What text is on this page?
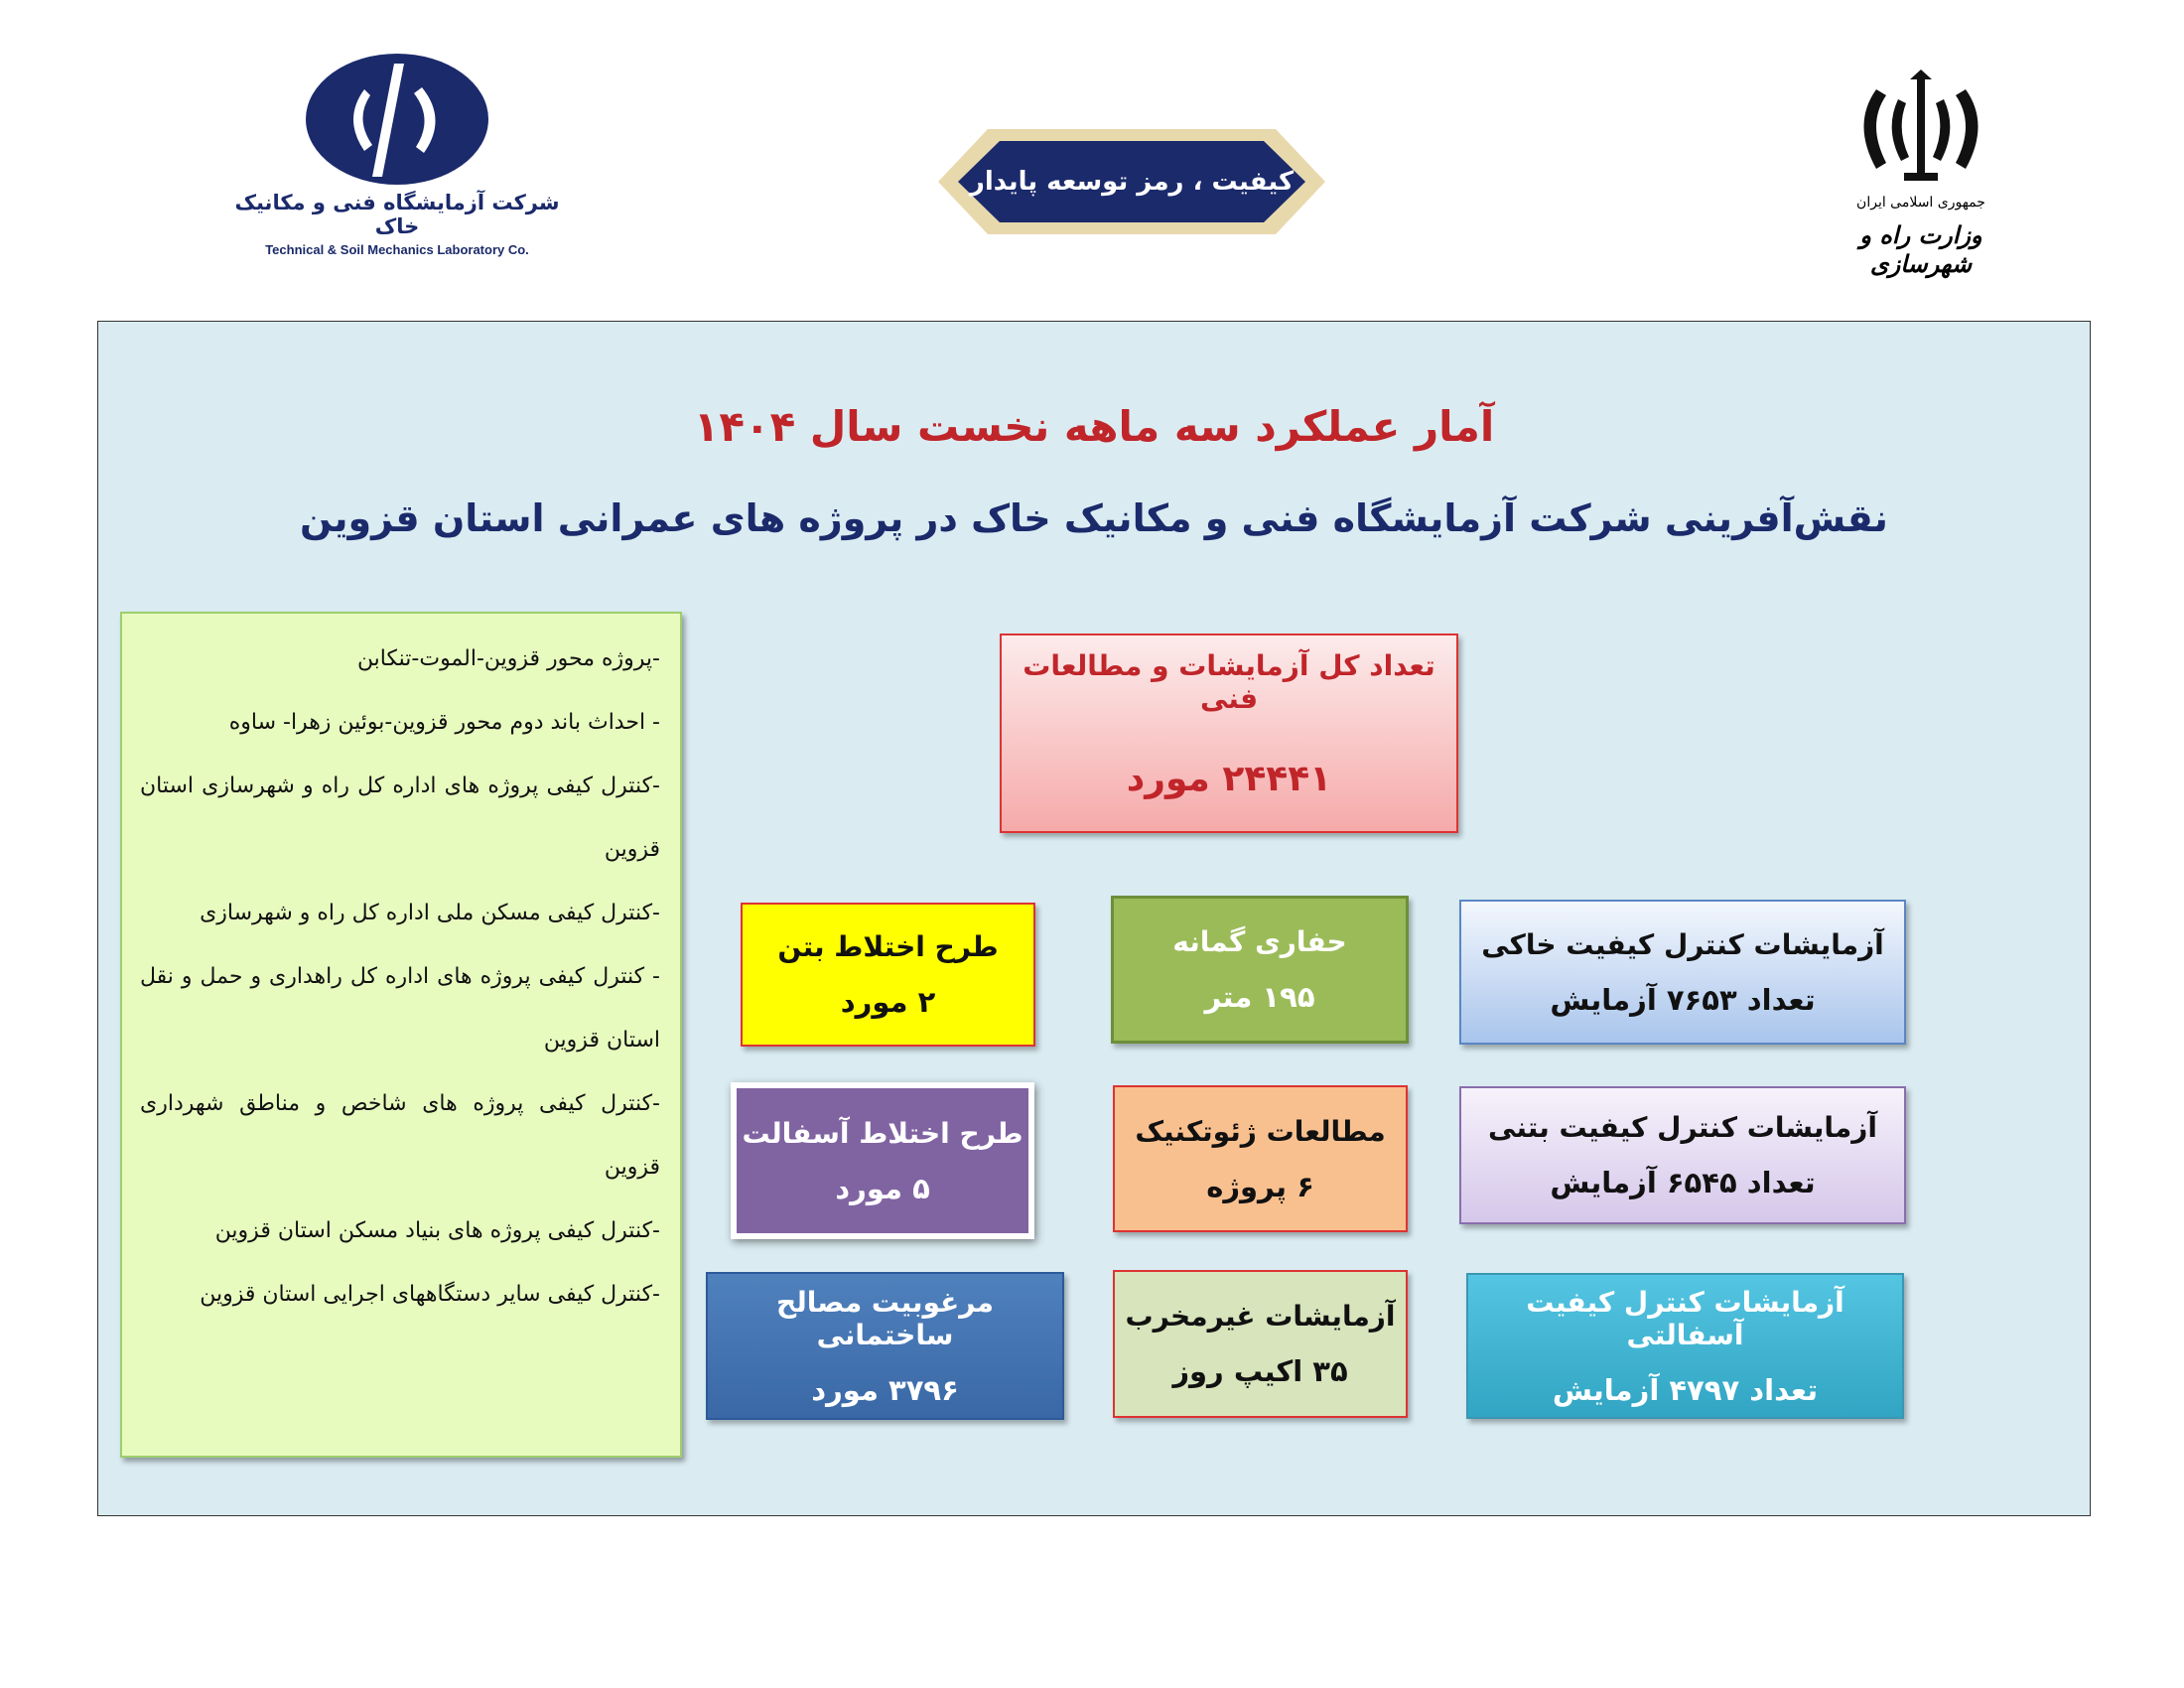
شرکت آزمایشگاه فنی و مکانیک خاک
Technical & Soil Mechanics Laboratory Co.
کیفیت ، رمز توسعه پایدار
جمهوری اسلامی ایران
وزارت راه و شهرسازی
آمار عملکرد سه ماهه نخست سال ۱۴۰۴
نقش‌آفرینی شرکت آزمایشگاه فنی و مکانیک خاک در پروژه های عمرانی استان قزوین
-پروژه محور قزوین-الموت-تنکابن
- احداث باند دوم محور قزوین-بوئین زهرا- ساوه
-کنترل کیفی پروژه های اداره کل راه و شهرسازی استان قزوین
-کنترل کیفی مسکن ملی اداره کل راه و شهرسازی
- کنترل کیفی پروژه های اداره کل راهداری و حمل و نقل استان قزوین
-کنترل کیفی پروژه های شاخص و مناطق شهرداری قزوین
-کنترل کیفی پروژه های بنیاد مسکن استان قزوین
-کنترل کیفی سایر دستگاههای اجرایی استان قزوین
تعداد کل آزمایشات و مطالعات فنی
۲۴۴۴۱ مورد
آزمایشات کنترل کیفیت خاکی
تعداد ۷۶۵۳ آزمایش
حفاری گمانه
۱۹۵ متر
طرح اختلاط بتن
۲ مورد
آزمایشات کنترل کیفیت بتنی
تعداد ۶۵۴۵ آزمایش
مطالعات ژئوتکنیک
۶ پروژه
طرح اختلاط آسفالت
۵ مورد
آزمایشات کنترل کیفیت آسفالتی
تعداد ۴۷۹۷ آزمایش
آزمایشات غیرمخرب
۳۵ اکیپ روز
مرغوبیت مصالح ساختمانی
۳۷۹۶ مورد
